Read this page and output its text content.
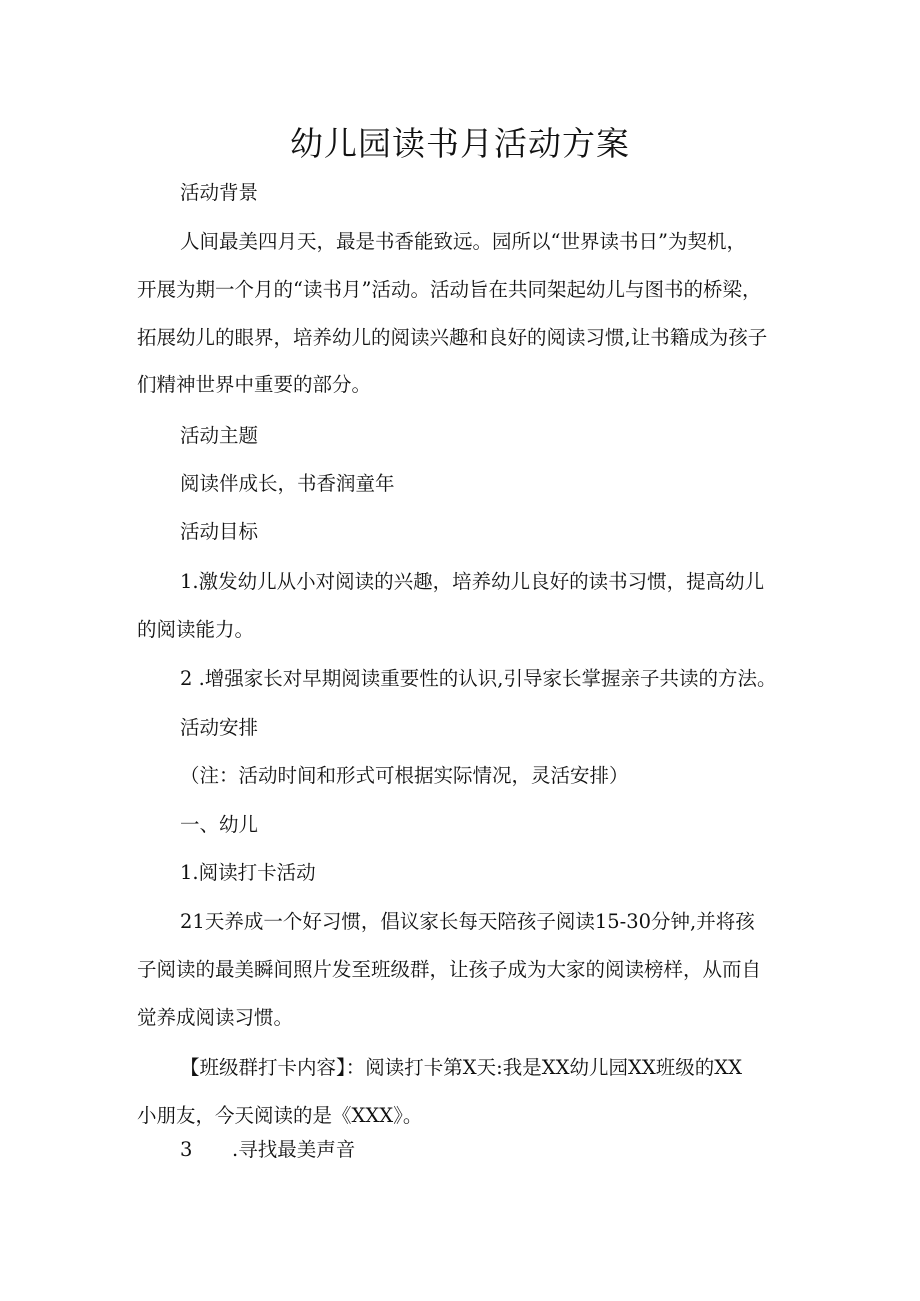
幼儿园读书月活动方案
活动背景
人间最美四月天，最是书香能致远。园所以“世界读书日”为契机，
开展为期一个月的“读书月”活动。活动旨在共同架起幼儿与图书的桥梁，
拓展幼儿的眼界，培养幼儿的阅读兴趣和良好的阅读习惯,让书籍成为孩子
们精神世界中重要的部分。
活动主题
阅读伴成长，书香润童年
活动目标
1.激发幼儿从小对阅读的兴趣，培养幼儿良好的读书习惯，提高幼儿
的阅读能力。
2 .增强家长对早期阅读重要性的认识,引导家长掌握亲子共读的方法。
活动安排
（注：活动时间和形式可根据实际情况，灵活安排）
一、幼儿
1.阅读打卡活动
21天养成一个好习惯，倡议家长每天陪孩子阅读15-30分钟,并将孩
子阅读的最美瞬间照片发至班级群，让孩子成为大家的阅读榜样，从而自
觉养成阅读习惯。
【班级群打卡内容】：阅读打卡第X天:我是XX幼儿园XX班级的XX
小朋友，今天阅读的是《XXX》。
3 .寻找最美声音
